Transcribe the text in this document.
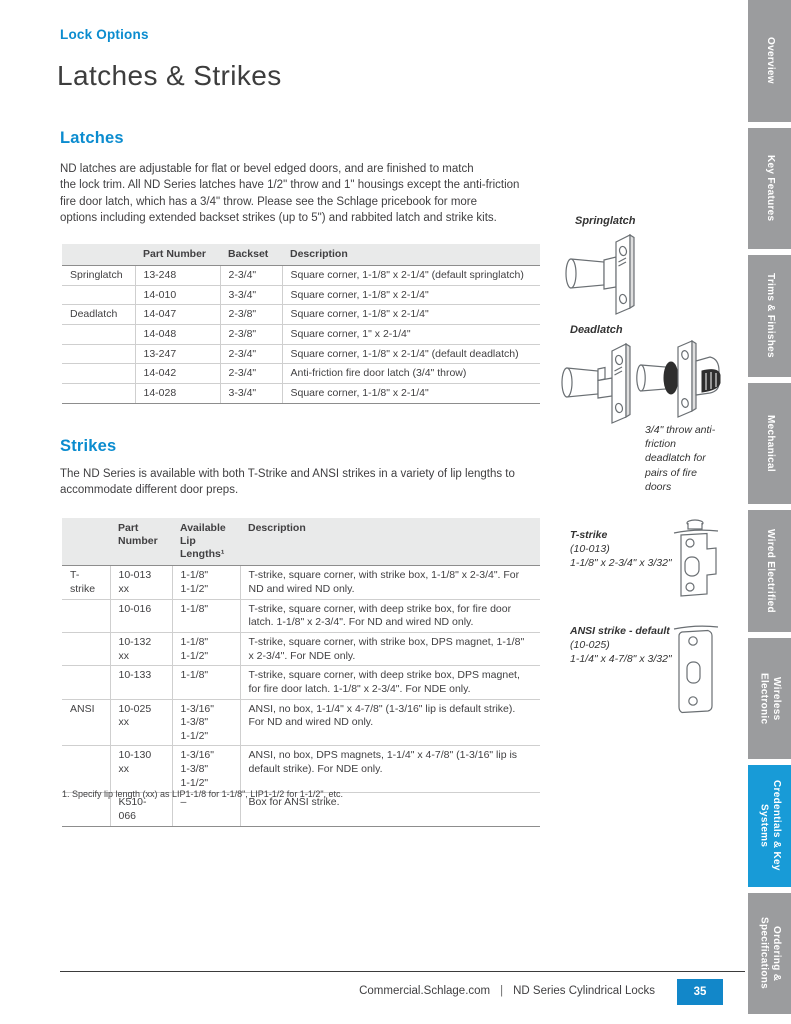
Lock Options
Latches & Strikes
Latches
ND latches are adjustable for flat or bevel edged doors, and are finished to match
the lock trim. All ND Series latches have 1/2" throw and 1" housings except the anti-friction
fire door latch, which has a 3/4" throw. Please see the Schlage pricebook for more
options including extended backset strikes (up to 5") and rabbited latch and strike kits.
	Part Number	Backset	Description
Springlatch	13-248	2-3/4"	Square corner, 1-1/8" x 2-1/4" (default springlatch)
	14-010	3-3/4"	Square corner, 1-1/8" x 2-1/4"
Deadlatch	14-047	2-3/8"	Square corner, 1-1/8" x 2-1/4"
	14-048	2-3/8"	Square corner, 1" x 2-1/4"
	13-247	2-3/4"	Square corner, 1-1/8" x 2-1/4" (default deadlatch)
	14-042	2-3/4"	Anti-friction fire door latch (3/4" throw)
	14-028	3-3/4"	Square corner, 1-1/8" x 2-1/4"
Springlatch
Deadlatch
3/4" throw anti-friction deadlatch for pairs of fire doors
Strikes
The ND Series is available with both T-Strike and ANSI strikes in a variety of lip lengths to
accommodate different door preps.
	Part Number	Available Lip Lengths¹	Description
T-strike	10-013 xx	1-1/8"
1-1/2"	T-strike, square corner, with strike box, 1-1/8" x 2-3/4". For ND and wired ND only.
	10-016	1-1/8"	T-strike, square corner, with deep strike box, for fire door latch. 1-1/8" x 2-3/4". For ND and wired ND only.
	10-132 xx	1-1/8"
1-1/2"	T-strike, square corner, with strike box, DPS magnet, 1-1/8" x 2-3/4". For NDE only.
	10-133	1-1/8"	T-strike, square corner, with deep strike box, DPS magnet, for fire door latch. 1-1/8" x 2-3/4". For NDE only.
ANSI	10-025 xx	1-3/16"
1-3/8"
1-1/2"	ANSI, no box, 1-1/4" x 4-7/8" (1-3/16" lip is default strike). For ND and wired ND only.
	10-130 xx	1-3/16"
1-3/8"
1-1/2"	ANSI, no box, DPS magnets, 1-1/4" x 4-7/8" (1-3/16" lip is default strike). For NDE only.
	K510-066	–	Box for ANSI strike.
1. Specify lip length (xx) as LIP1-1/8 for 1-1/8", LIP1-1/2 for 1-1/2", etc.
T-strike
(10-013)
1-1/8" x 2-3/4" x 3/32"
ANSI strike - default
(10-025)
1-1/4" x 4-7/8" x 3/32"
Overview
Key Features
Trims & Finishes
Mechanical
Wired Electrified
Wireless
Electronic
Credentials & Key
Systems
Ordering &
Specifications
Commercial.Schlage.com | ND Series Cylindrical Locks	35
